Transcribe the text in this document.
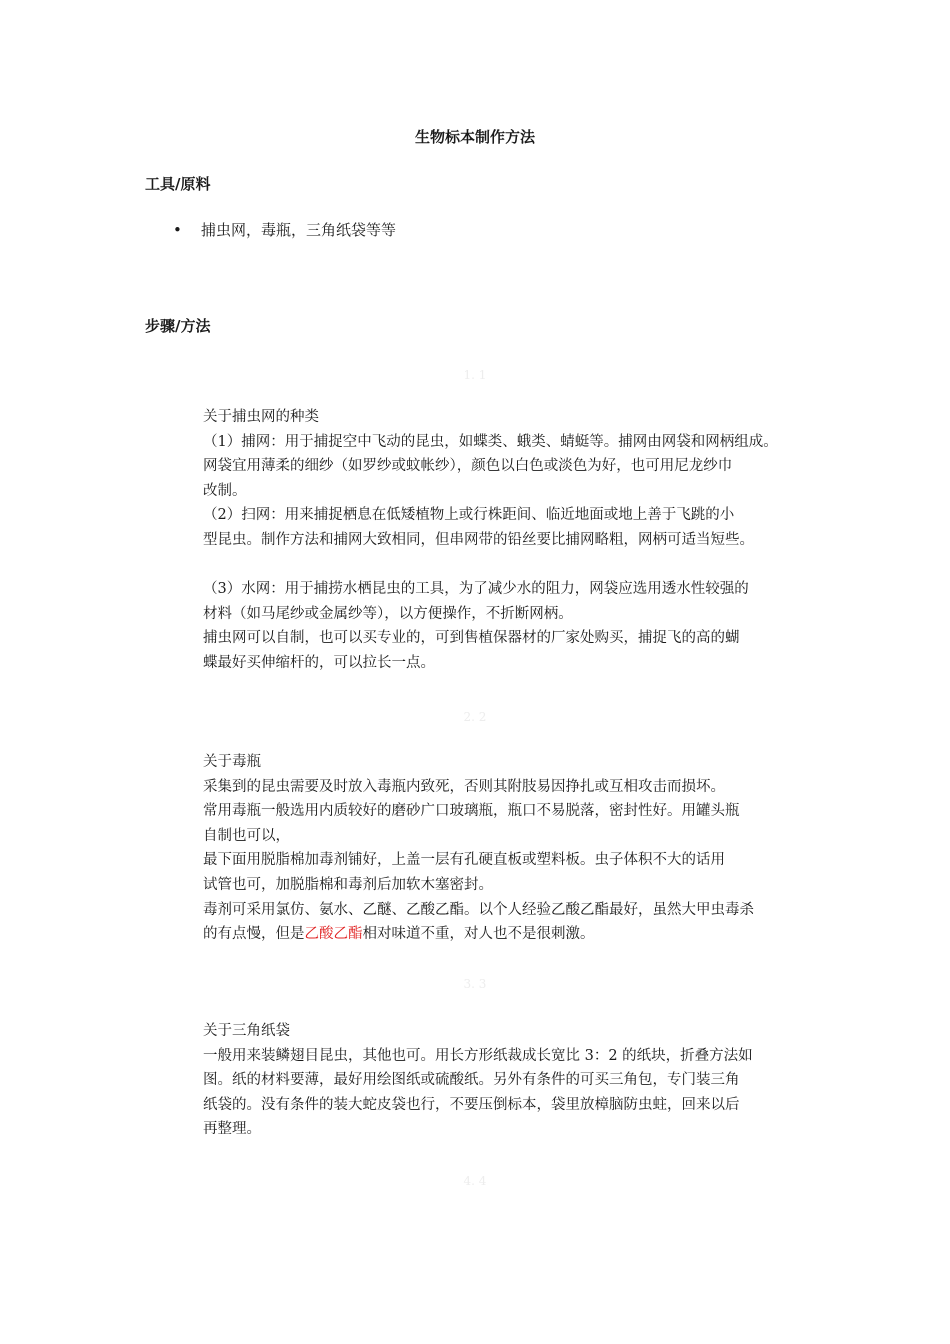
生物标本制作方法
工具/原料
• 捕虫网，毒瓶，三角纸袋等等
步骤/方法
1. 1

关于捕虫网的种类

（1）捕网：用于捕捉空中飞动的昆虫，如蝶类、蛾类、蜻蜓等。捕网由网袋和网柄组成。

网袋宜用薄柔的细纱（如罗纱或蚊帐纱），颜色以白色或淡色为好，也可用尼龙纱巾

改制。

（2）扫网：用来捕捉栖息在低矮植物上或行株距间、临近地面或地上善于飞跳的小

型昆虫。制作方法和捕网大致相同，但串网带的铅丝要比捕网略粗，网柄可适当短些。

（3）水网：用于捕捞水栖昆虫的工具，为了减少水的阻力，网袋应选用透水性较强的

材料（如马尾纱或金属纱等），以方便操作，不折断网柄。

捕虫网可以自制，也可以买专业的，可到售植保器材的厂家处购买，捕捉飞的高的蝴

蝶最好买伸缩杆的，可以拉长一点。

2. 2

关于毒瓶

采集到的昆虫需要及时放入毒瓶内致死，否则其附肢易因挣扎或互相攻击而损坏。

常用毒瓶一般选用内质较好的磨砂广口玻璃瓶，瓶口不易脱落，密封性好。用罐头瓶

自制也可以，

最下面用脱脂棉加毒剂铺好，上盖一层有孔硬直板或塑料板。虫子体积不大的话用

试管也可，加脱脂棉和毒剂后加软木塞密封。

毒剂可采用氯仿、氨水、乙醚、乙酸乙酯。以个人经验乙酸乙酯最好，虽然大甲虫毒杀

的有点慢，但是乙酸乙酯相对味道不重，对人也不是很刺激。

3. 3

关于三角纸袋

一般用来装鳞翅目昆虫，其他也可。用长方形纸裁成长宽比 3：2 的纸块，折叠方法如

图。纸的材料要薄，最好用绘图纸或硫酸纸。另外有条件的可买三角包，专门装三角

纸袋的。没有条件的装大蛇皮袋也行，不要压倒标本，袋里放樟脑防虫蛀，回来以后

再整理。

4. 4
